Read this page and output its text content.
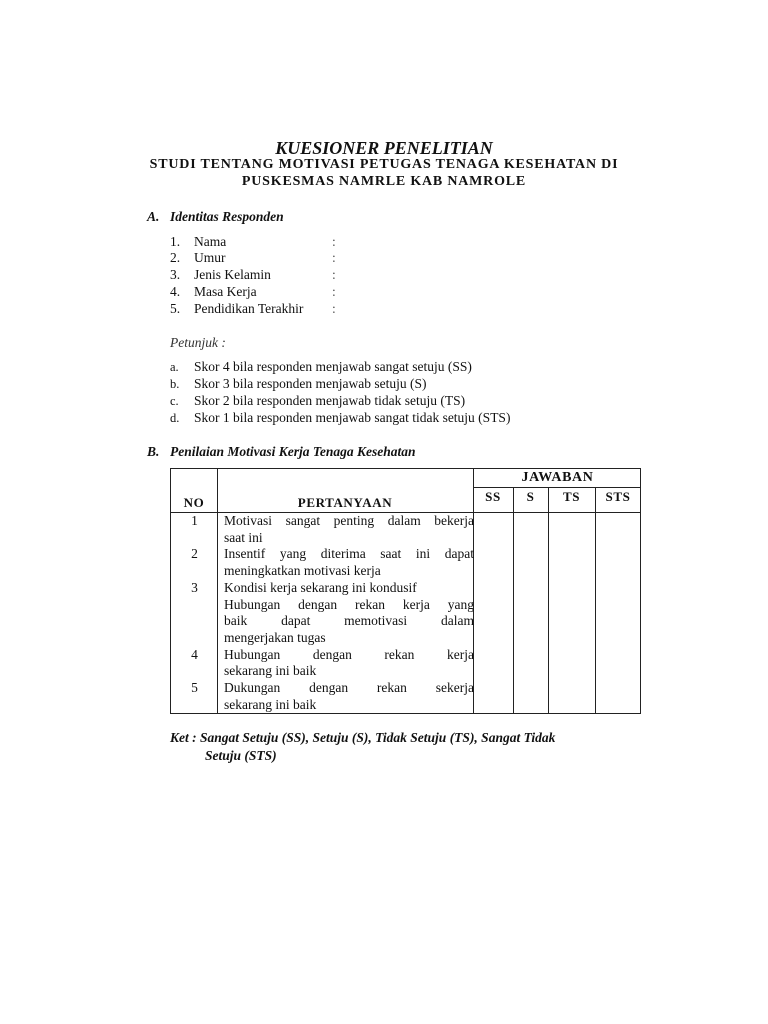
KUESIONER PENELITIAN
STUDI TENTANG MOTIVASI PETUGAS TENAGA KESEHATAN DI
PUSKESMAS NAMRLE KAB NAMROLE
A. Identitas Responden
1. Nama	:
2. Umur	:
3. Jenis Kelamin	:
4. Masa Kerja	:
5. Pendidikan Terakhir :
Petunjuk :
a. Skor 4 bila responden menjawab sangat setuju (SS)
b. Skor 3 bila responden menjawab setuju (S)
c. Skor 2 bila responden menjawab tidak setuju (TS)
d. Skor 1 bila responden menjawab sangat tidak setuju (STS)
B. Penilaian Motivasi Kerja Tenaga Kesehatan
NO	PERTANYAAN
JAWABAN
SS	S	TS	STS
1	Motivasi sangat penting dalam bekerja
saat ini
2	Insentif yang diterima saat ini dapat
meningkatkan motivasi kerja
3	Kondisi kerja sekarang ini kondusif
Hubungan dengan rekan kerja yang
baik dapat memotivasi dalam
mengerjakan tugas
4	Hubungan dengan rekan kerja
sekarang ini baik
5	Dukungan dengan rekan sekerja
sekarang ini baik
Ket : Sangat Setuju (SS), Setuju (S), Tidak Setuju (TS), Sangat Tidak
Setuju (STS)
